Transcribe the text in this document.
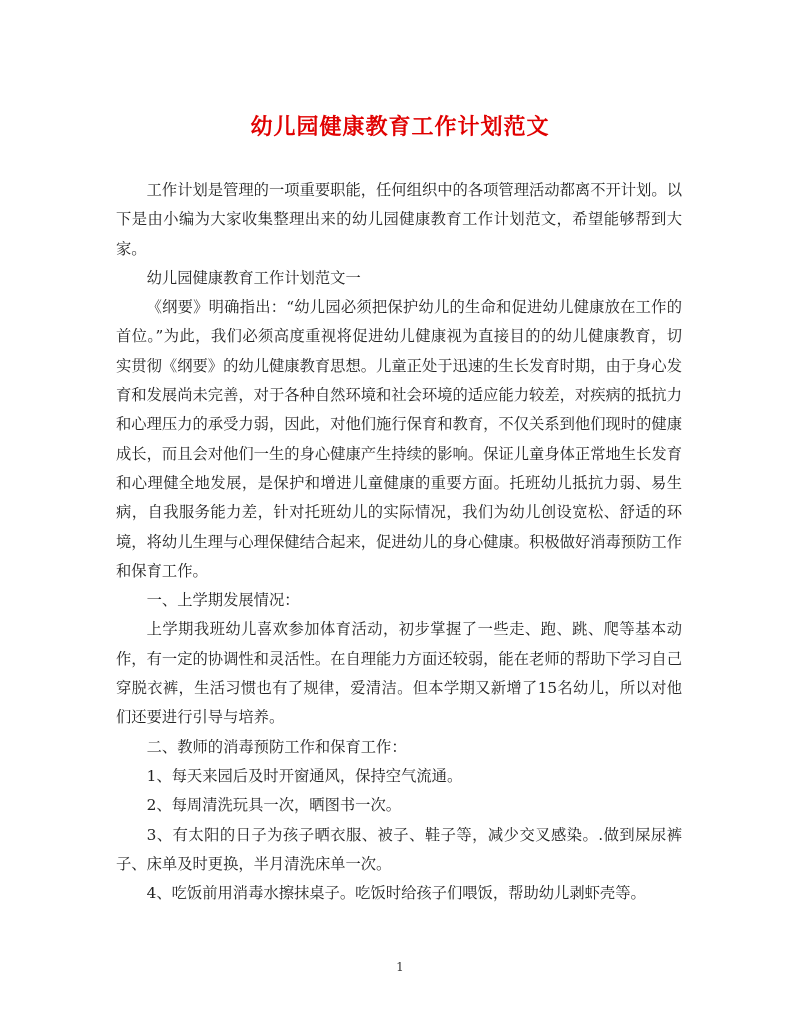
幼儿园健康教育工作计划范文

工作计划是管理的一项重要职能，任何组织中的各项管理活动都离不开计划。以下是由小编为大家收集整理出来的幼儿园健康教育工作计划范文，希望能够帮到大家。

幼儿园健康教育工作计划范文一

《纲要》明确指出：“幼儿园必须把保护幼儿的生命和促进幼儿健康放在工作的首位。”为此，我们必须高度重视将促进幼儿健康视为直接目的的幼儿健康教育，切实贯彻《纲要》的幼儿健康教育思想。儿童正处于迅速的生长发育时期，由于身心发育和发展尚未完善，对于各种自然环境和社会环境的适应能力较差，对疾病的抵抗力和心理压力的承受力弱，因此，对他们施行保育和教育，不仅关系到他们现时的健康成长，而且会对他们一生的身心健康产生持续的影响。保证儿童身体正常地生长发育和心理健全地发展，是保护和增进儿童健康的重要方面。托班幼儿抵抗力弱、易生病，自我服务能力差，针对托班幼儿的实际情况，我们为幼儿创设宽松、舒适的环境，将幼儿生理与心理保健结合起来，促进幼儿的身心健康。积极做好消毒预防工作和保育工作。

一、上学期发展情况：

上学期我班幼儿喜欢参加体育活动，初步掌握了一些走、跑、跳、爬等基本动作，有一定的协调性和灵活性。在自理能力方面还较弱，能在老师的帮助下学习自己穿脱衣裤，生活习惯也有了规律，爱清洁。但本学期又新增了15名幼儿，所以对他们还要进行引导与培养。

二、教师的消毒预防工作和保育工作：

1、每天来园后及时开窗通风，保持空气流通。

2、每周清洗玩具一次，晒图书一次。

3、有太阳的日子为孩子晒衣服、被子、鞋子等，减少交叉感染。.做到屎尿裤子、床单及时更换，半月清洗床单一次。

4、吃饭前用消毒水擦抹桌子。吃饭时给孩子们喂饭，帮助幼儿剥虾壳等。

1
